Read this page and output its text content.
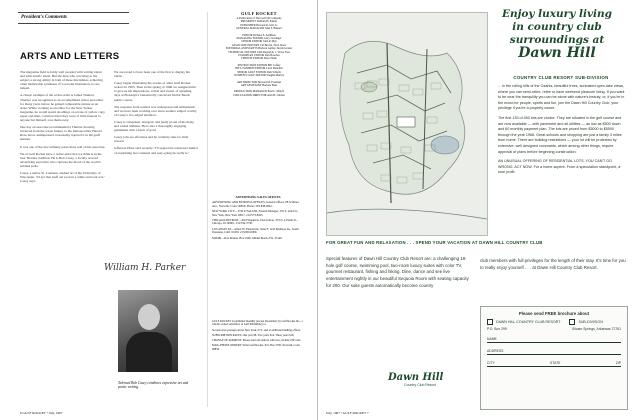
President's Comments
ARTS AND LETTERS

The magazine field is fairly well peopled with writing talent and with artistic talent. But the man who can bring to his subject a strong ability in both of these disciplines, achieving often memorable syntheses of word and illustration, is rare indeed.

A classic example of the writer-artist is James Thurber. Thurber was recognized as an accomplished writer and editor for many years before he gained comparable stature as an artist. While working as an editor for the New Yorker magazine, he would spend doodlings on scraps of yellow copy paper and then, convinced that they were of little interest to anyone but himself, toss them away.

One day an associate recommended a Thurber drawing retrieved from the waste basket, to the famous editor Harold Ross. Ross, unimpressed, reasonably rejected it in his gruff manner.

It was one of the few unfunny jokes Ross told on his associate.

We at Gulf Rocket have a writer-artist that we think is in the best Thurber tradition. He is Bob Casey, a locally revered advertising executive who captures the mood of the world's subtlest jerks.

Casey, a native St. Louisian, studied art at the University of Wisconsin. 'I'd got that stuff out soon in a while and look at it,' Casey says.

We are proud to have been one of the first to display his talent.

Casey began illustrating the stories of other Gulf Rocket writers in 1965. Then in the spring of 1966 we assigned him to give us his impressions, verbal and visual, of spending days at Brooklyn's fantastically conceived Dollar Beach public course.

The response from readers was widespread and enthusiastic, and we have been working ever since another subject worthy of Casey's two-edged attention.

Casey is outspoken, energetic and justly proud of his many and varied abilities. He is also a thoroughly engaging gentleman with a heart of gold.

Casey jobs are effortless and he certainly asks for little reward.

Jefferson Hobe said recently: 'I'll appreciate someone's humor of explaining how talented and easy-going he really is.'

William H. Parker
Talented Bob Casey combines expressive art and poetic writing.
GULF ROCKET
A Publication of The Gulf Oil Company
PRESIDENT William H. Parker
PUBLISHER Howard R. Gill, Jr.
GENERAL MANAGER John F. Barnett
EDITOR Richard E. Aulthaus
MANAGING EDITOR Larry Gerringer
SENIOR EDITOR John P. May
ASSOCIATE EDITORS Cal Brown, Nora Snow
EDITORIAL ASSISTANTS Barbara Gulley, Dorris Graner
TECHNICAL EDITORS John Reynolds, J. Victor East
EUROPEAN EDITOR Ken Bowden
FRENCH EDITOR Dave Nunk
INSTRUCTION EDITOR Bill Coffey
INT'L FASHION EDITOR Carol Benedict
SENIOR GOLF EDITOR Pam Schultz
WOMEN'S GOLF EDITOR Vaughn Murray
ART DIRECTOR Howard M. Freeman
ART ASSISTANT Barbara Bess
PRODUCTION MANAGER Paul C. Murch
CIRCULATION DIRECTOR Alan H. Gibson
ADVERTISING SALES OFFICES
ADVERTISING AND BUSINESS OFFICES: General offices, 88 Scribner Ave., Norwalk, Conn. 06856. Phone: 203-838-9961.
NEW YORK CITY—TITLE FALLER, Eastern Manager, 235 E. 42nd St., New York, New York 10017. 212/573-8425.
CHICAGO-DETROIT—Jim Fitzpatrick, Paul Galton, 333 N. LaSalle St., Chicago, Ill. 60601. 312/559-5730.
LOS ANGELES—Albert W. Fitzpatrick, Suite F, 1145 Madison Av., South Pasadena, Calif. 91030. 213/000-0000.
MIAMI—Don Renner, Box 2400, Miami Beach, Fla. 33140.
GULF ROCKET is published monthly (except December) by Gulf Rocket Inc., a wholly owned subsidiary of Gulf Publishing Co.
Second-class postage paid at New York, N.Y., and at additional mailing offices.
SUBSCRIPTION RATES: One year $8. Two years $14. Three years $18.
CHANGE OF ADDRESS: Please send old address with new, include ZIP code.
MAIL-PHONE ORDERS: Write Gulf Rocket, P.O. Box 2700, Norwalk, Conn. 06856.
6 GULF ROCKET • July, 1967
Enjoy luxury living
in country club
surroundings at
Dawn Hill
COUNTRY CLUB RESORT SUB-DIVISION

... in the rolling hills of the Ozarks, beautiful trees, sunbaked open-lake views, where you can semi-retire, retire or have weekend pleasure living. If you want to be near the tranquility you can be alone with nature's beauty; or, if you're in the mood for people, sports and fun, join the Dawn Hill Country Club, your privilege if you're a property owner.

The first 135 of 450 lots are choice. They are situated in the golf course and are now available — with pavement and all utilities — as low as $500 down and 60 monthly payment plan. The lots are priced from $3000 to $5900 through the year 1968. Great schools and shopping are just a family 3 miles from home. There are building restrictions — your lot will be protected by extensive, well designed covenants, which among other things, require approval of plans before beginning construction.

AN UNUSUAL OFFERING OF RESIDENTIAL LOTS. YOU CAN'T GO WRONG. ACT NOW. For a home superb. From a speculation standpoint, a sure profit.

FOR GREAT FUN AND RELAXATION . . . SPEND YOUR VACATION AT DAWN HILL COUNTRY CLUB
Special features of Dawn Hill Country Club Resort are: a challenging 18-hole golf course, swimming pool, two-room luxury suites with color TV, gourmet restaurant, fishing and hiking. Dine, dance and see live entertainment nightly in our beautiful Sequoia Room with seating capacity for 200. Our suite guests automatically become country
club members with full privileges for the length of their stay. It's time for you to really enjoy yourself . . . at Dawn Hill Country Club Resort.
Dawn Hill
Country Club Resort
Please send FREE brochure about
DAWN HILL COUNTRY CLUB RESORT	SUB-DIVISION
P.O. Box 299	Siloam Springs, Arkansas 72761
NAME
ADDRESS
CITY	STATE	ZIP
July, 1967 • GULF ROCKET 7
